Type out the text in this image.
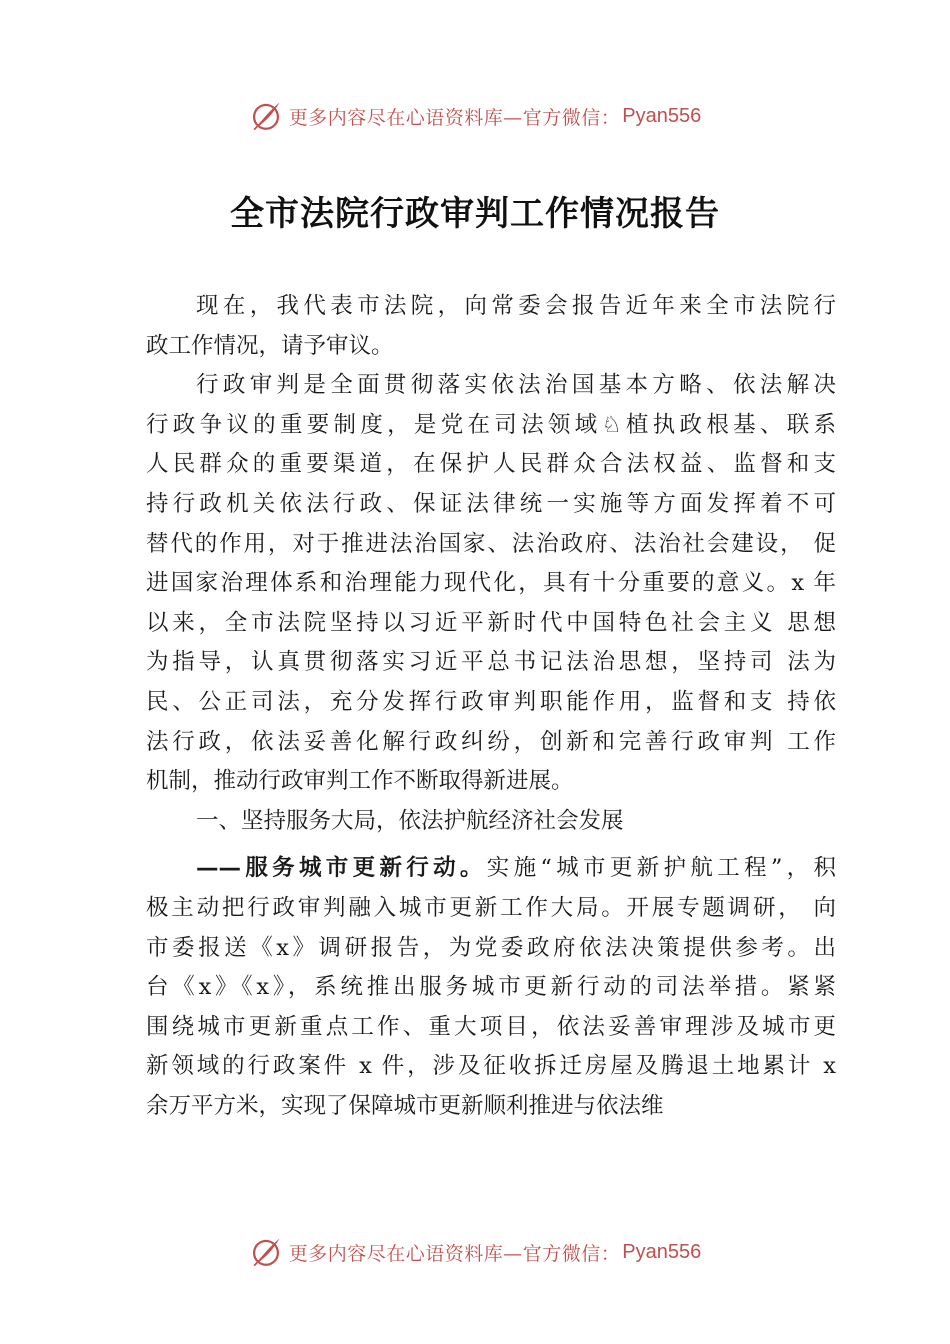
更多内容尽在心语资料库—官方微信： Pyan556
全市法院行政审判工作情况报告
现在，我代表市法院，向常委会报告近年来全市法院行
政工作情况，请予审议。
行政审判是全面贯彻落实依法治国基本方略、依法解决
行政争议的重要制度，是党在司法领域♘植执政根基、联系
人民群众的重要渠道，在保护人民群众合法权益、监督和支
持行政机关依法行政、保证法律统一实施等方面发挥着不可
替代的作用，对于推进法治国家、法治政府、法治社会建设， 促
进国家治理体系和治理能力现代化，具有十分重要的意义。x 年
以来，全市法院坚持以习近平新时代中国特色社会主义 思想
为指导，认真贯彻落实习近平总书记法治思想，坚持司 法为
民、公正司法，充分发挥行政审判职能作用，监督和支 持依
法行政，依法妥善化解行政纠纷，创新和完善行政审判 工作
机制，推动行政审判工作不断取得新进展。
一、坚持服务大局，依法护航经济社会发展
——服务城市更新行动。实施“城市更新护航工程”，积
极主动把行政审判融入城市更新工作大局。开展专题调研， 向
市委报送《x》调研报告，为党委政府依法决策提供参考。出
台《x》《x》，系统推出服务城市更新行动的司法举措。紧紧
围绕城市更新重点工作、重大项目，依法妥善审理涉及城市更
新领域的行政案件 x 件，涉及征收拆迁房屋及腾退土地累计 x
余万平方米，实现了保障城市更新顺利推进与依法维
更多内容尽在心语资料库—官方微信： Pyan556
